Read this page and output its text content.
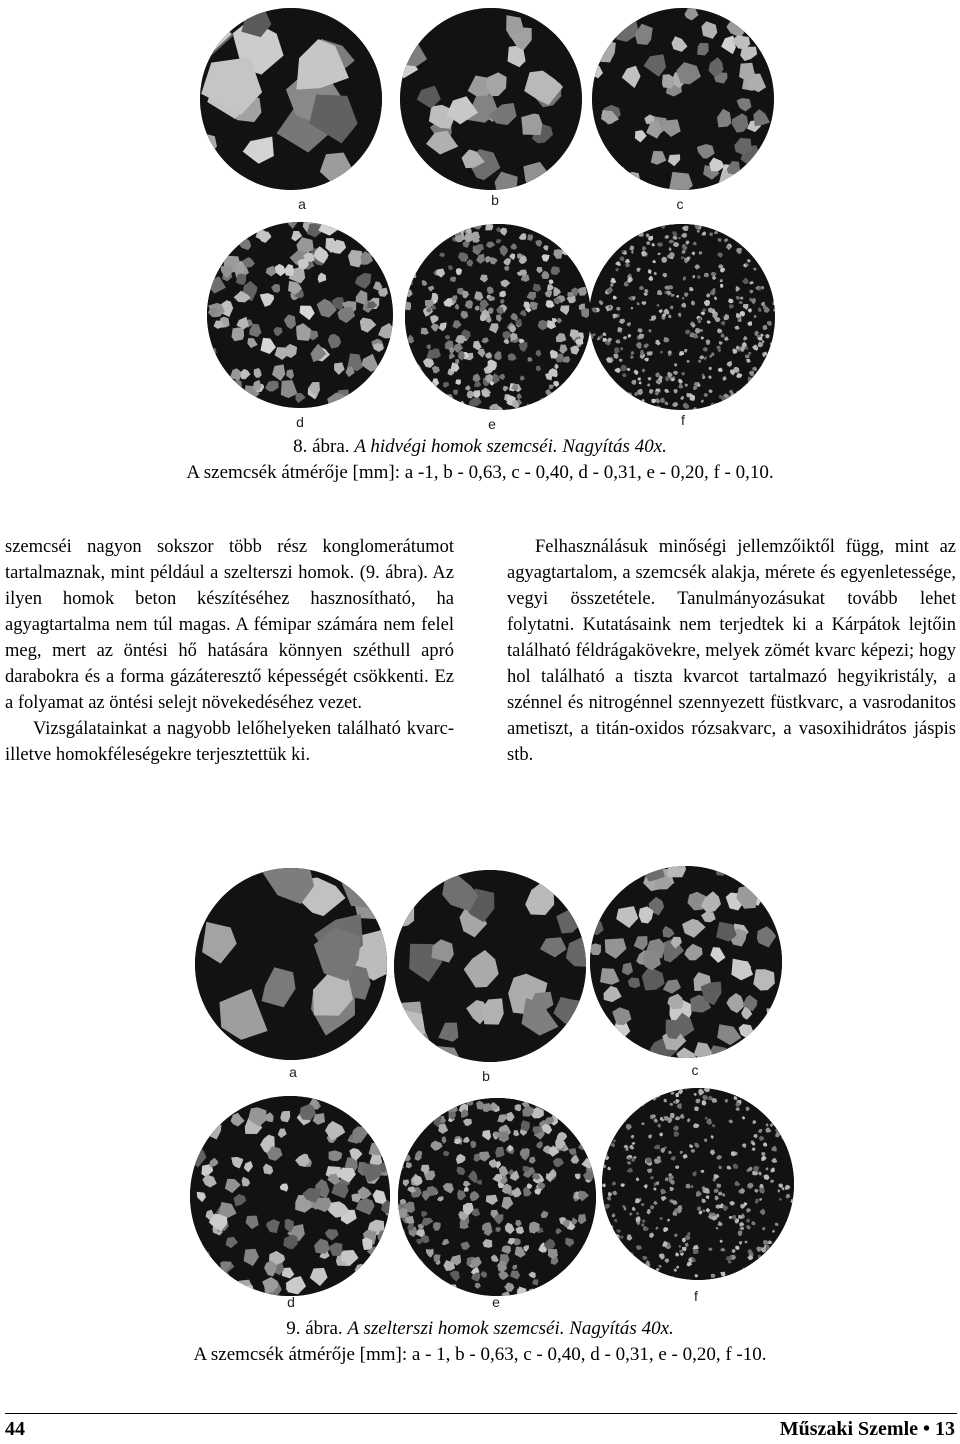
a	b	c
d	e	f
8. ábra. A hidvégi homok szemcséi. Nagyítás 40x.
A szemcsék átmérője [mm]: a -1, b - 0,63, c - 0,40, d - 0,31, e - 0,20, f - 0,10.

szemcséi nagyon sokszor több rész konglomerátumot tartalmaznak, mint például a szelterszi homok. (9. ábra). Az ilyen homok beton készítéséhez hasznosítható, ha agyagtartalma nem túl magas. A fémipar számára nem felel meg, mert az öntési hő hatására könnyen széthull apró darabokra és a forma gázáteresztő képességét csökkenti. Ez a folyamat az öntési selejt növekedéséhez vezet.

Vizsgálatainkat a nagyobb lelőhelyeken található kvarc- illetve homokféleségekre terjesztettük ki.

Felhasználásuk minőségi jellemzőiktől függ, mint az agyagtartalom, a szemcsék alakja, mérete és egyenletessége, vegyi összetétele. Tanulmányozásukat tovább lehet folytatni. Kutatásaink nem terjedtek ki a Kárpátok lejtőin található féldrágakövekre, melyek zömét kvarc képezi; hogy hol található a tiszta kvarcot tartalmazó hegyikristály, a szénnel és nitrogénnel szennyezett füstkvarc, a vasrodanitos ametiszt, a titán-oxidos rózsakvarc, a vasoxihidrátos jáspis stb.

a	b	c
d	e	f
9. ábra. A szelterszi homok szemcséi. Nagyítás 40x.
A szemcsék átmérője [mm]: a - 1, b - 0,63, c - 0,40, d - 0,31, e - 0,20, f -10.
44	Műszaki Szemle • 13
